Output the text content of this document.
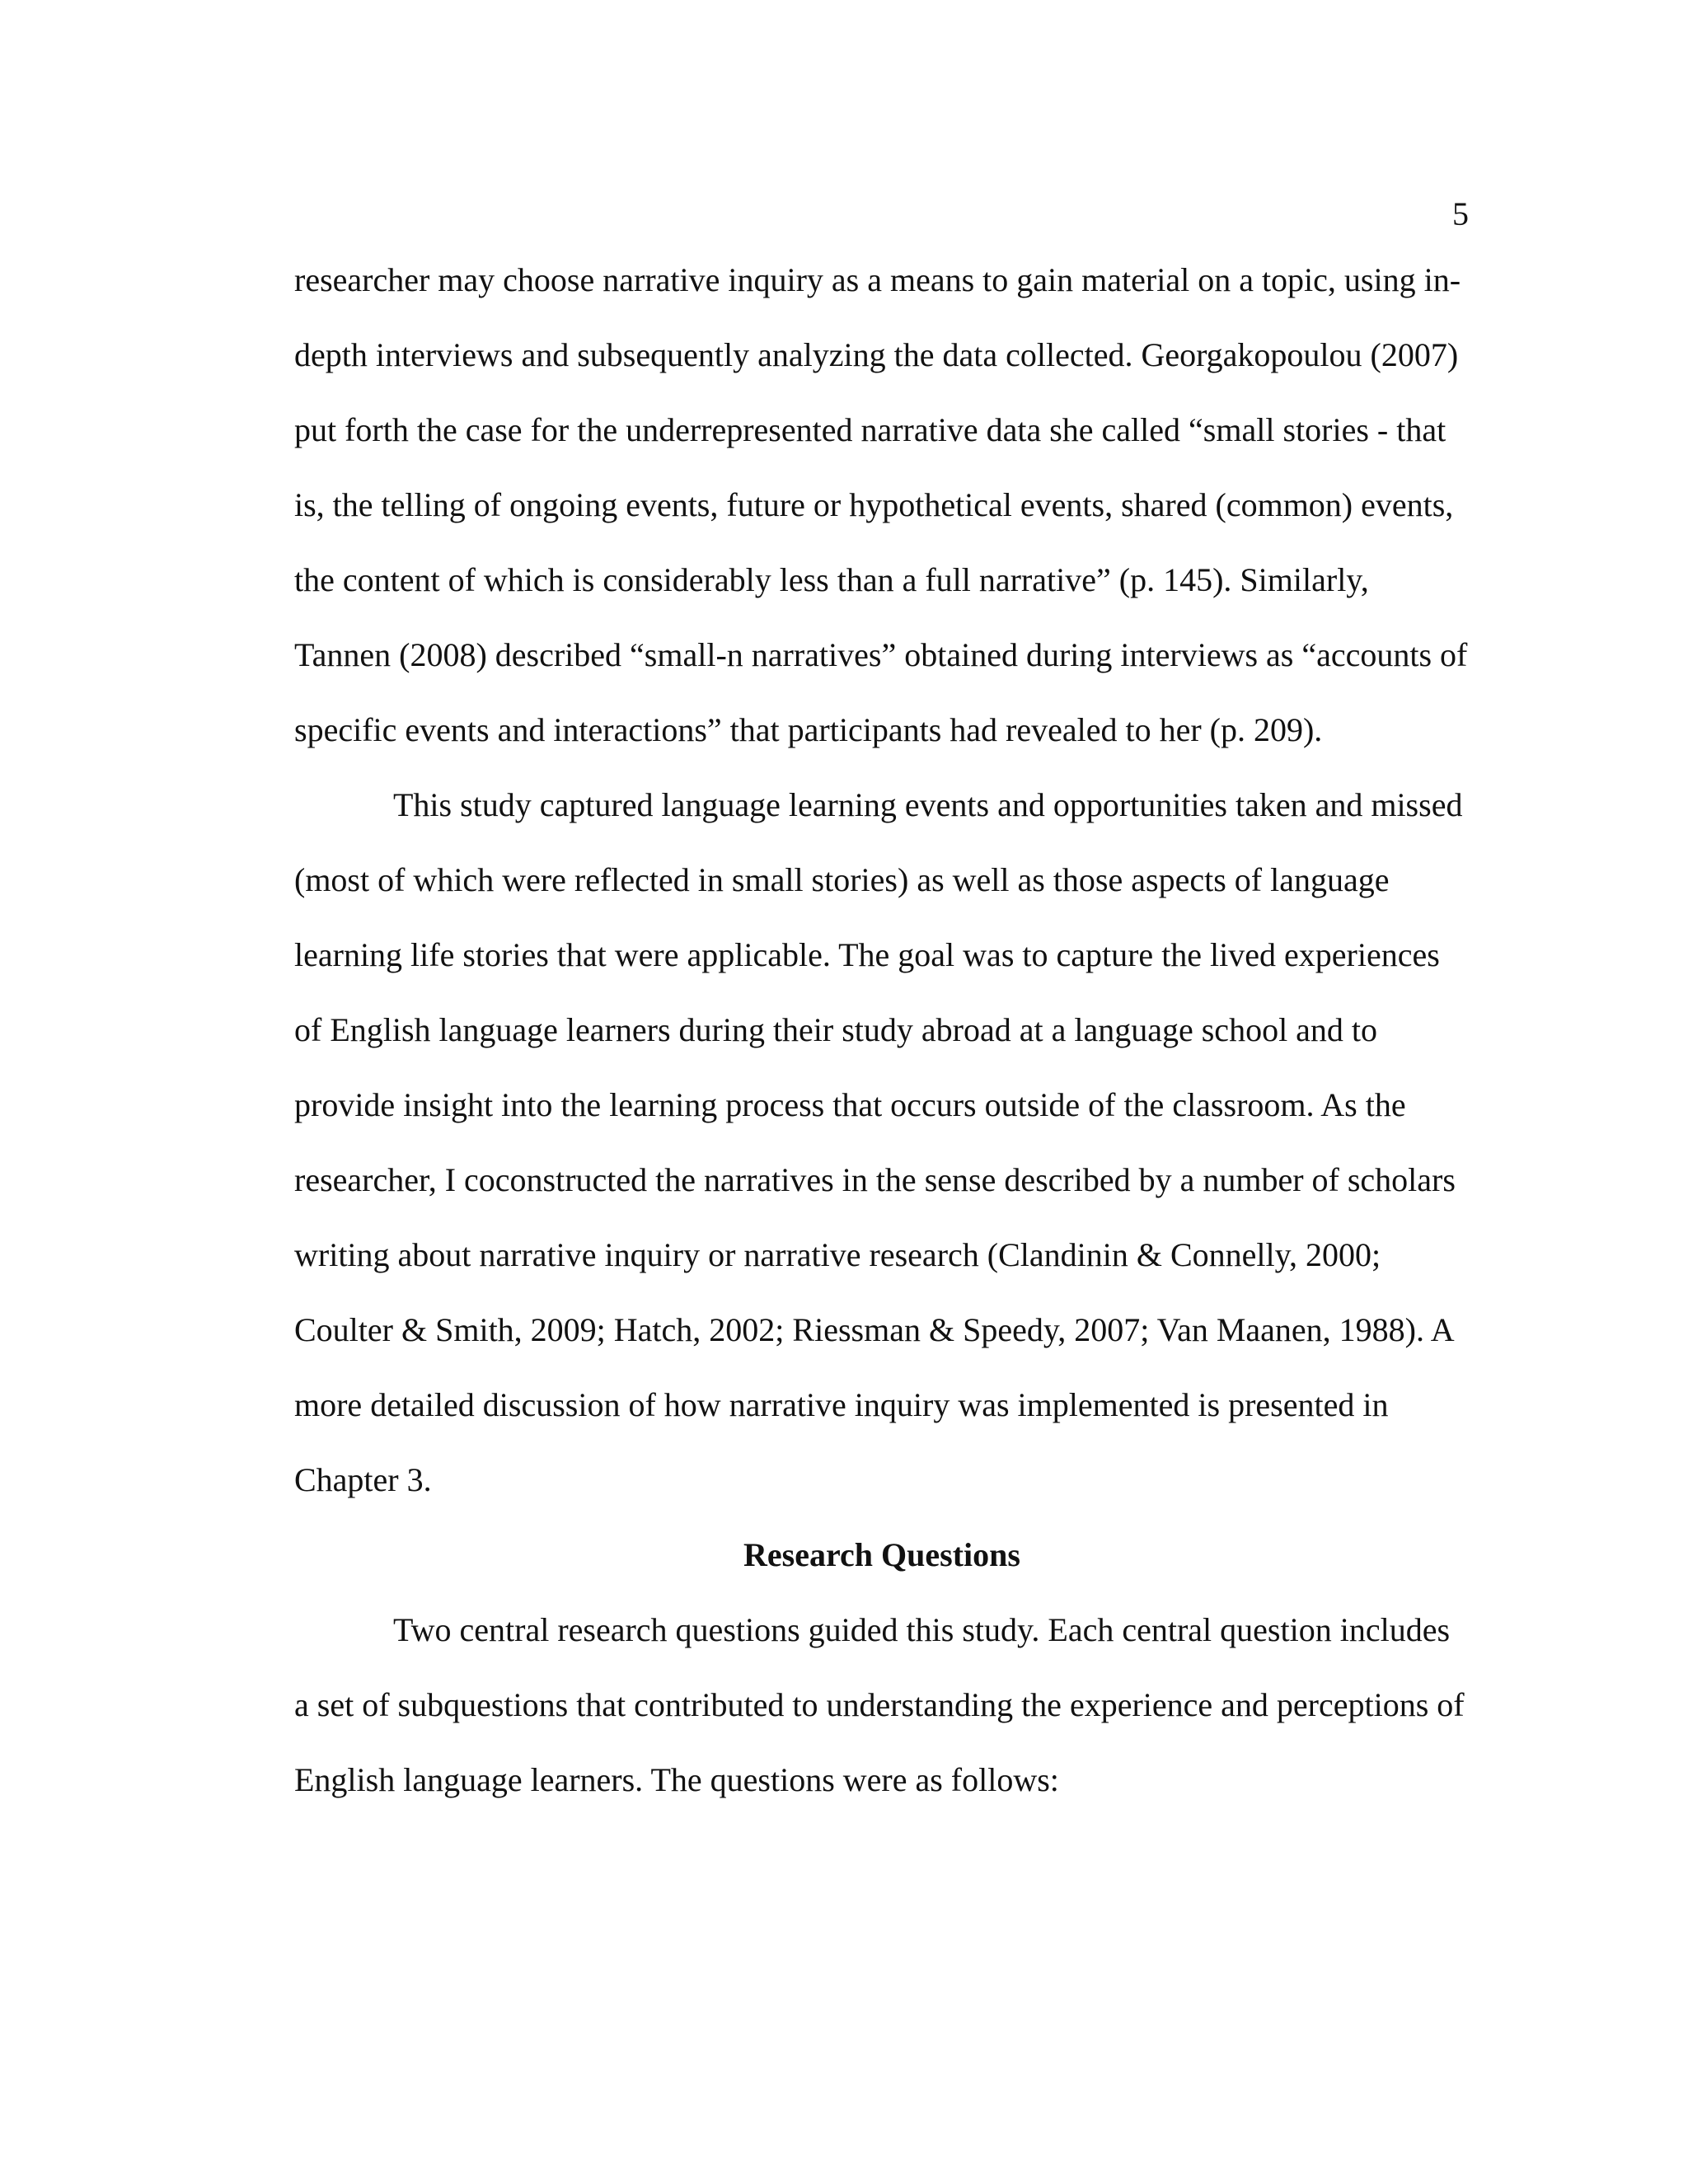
5
researcher may choose narrative inquiry as a means to gain material on a topic, using in-
depth interviews and subsequently analyzing the data collected. Georgakopoulou (2007)
put forth the case for the underrepresented narrative data she called “small stories - that
is, the telling of ongoing events, future or hypothetical events, shared (common) events,
the content of which is considerably less than a full narrative” (p. 145). Similarly,
Tannen (2008) described “small-n narratives” obtained during interviews as “accounts of
specific events and interactions” that participants had revealed to her (p. 209).
This study captured language learning events and opportunities taken and missed
(most of which were reflected in small stories) as well as those aspects of language
learning life stories that were applicable. The goal was to capture the lived experiences
of English language learners during their study abroad at a language school and to
provide insight into the learning process that occurs outside of the classroom. As the
researcher, I coconstructed the narratives in the sense described by a number of scholars
writing about narrative inquiry or narrative research (Clandinin & Connelly, 2000;
Coulter & Smith, 2009; Hatch, 2002; Riessman & Speedy, 2007; Van Maanen, 1988). A
more detailed discussion of how narrative inquiry was implemented is presented in
Chapter 3.
Research Questions
Two central research questions guided this study. Each central question includes
a set of subquestions that contributed to understanding the experience and perceptions of
English language learners. The questions were as follows:
